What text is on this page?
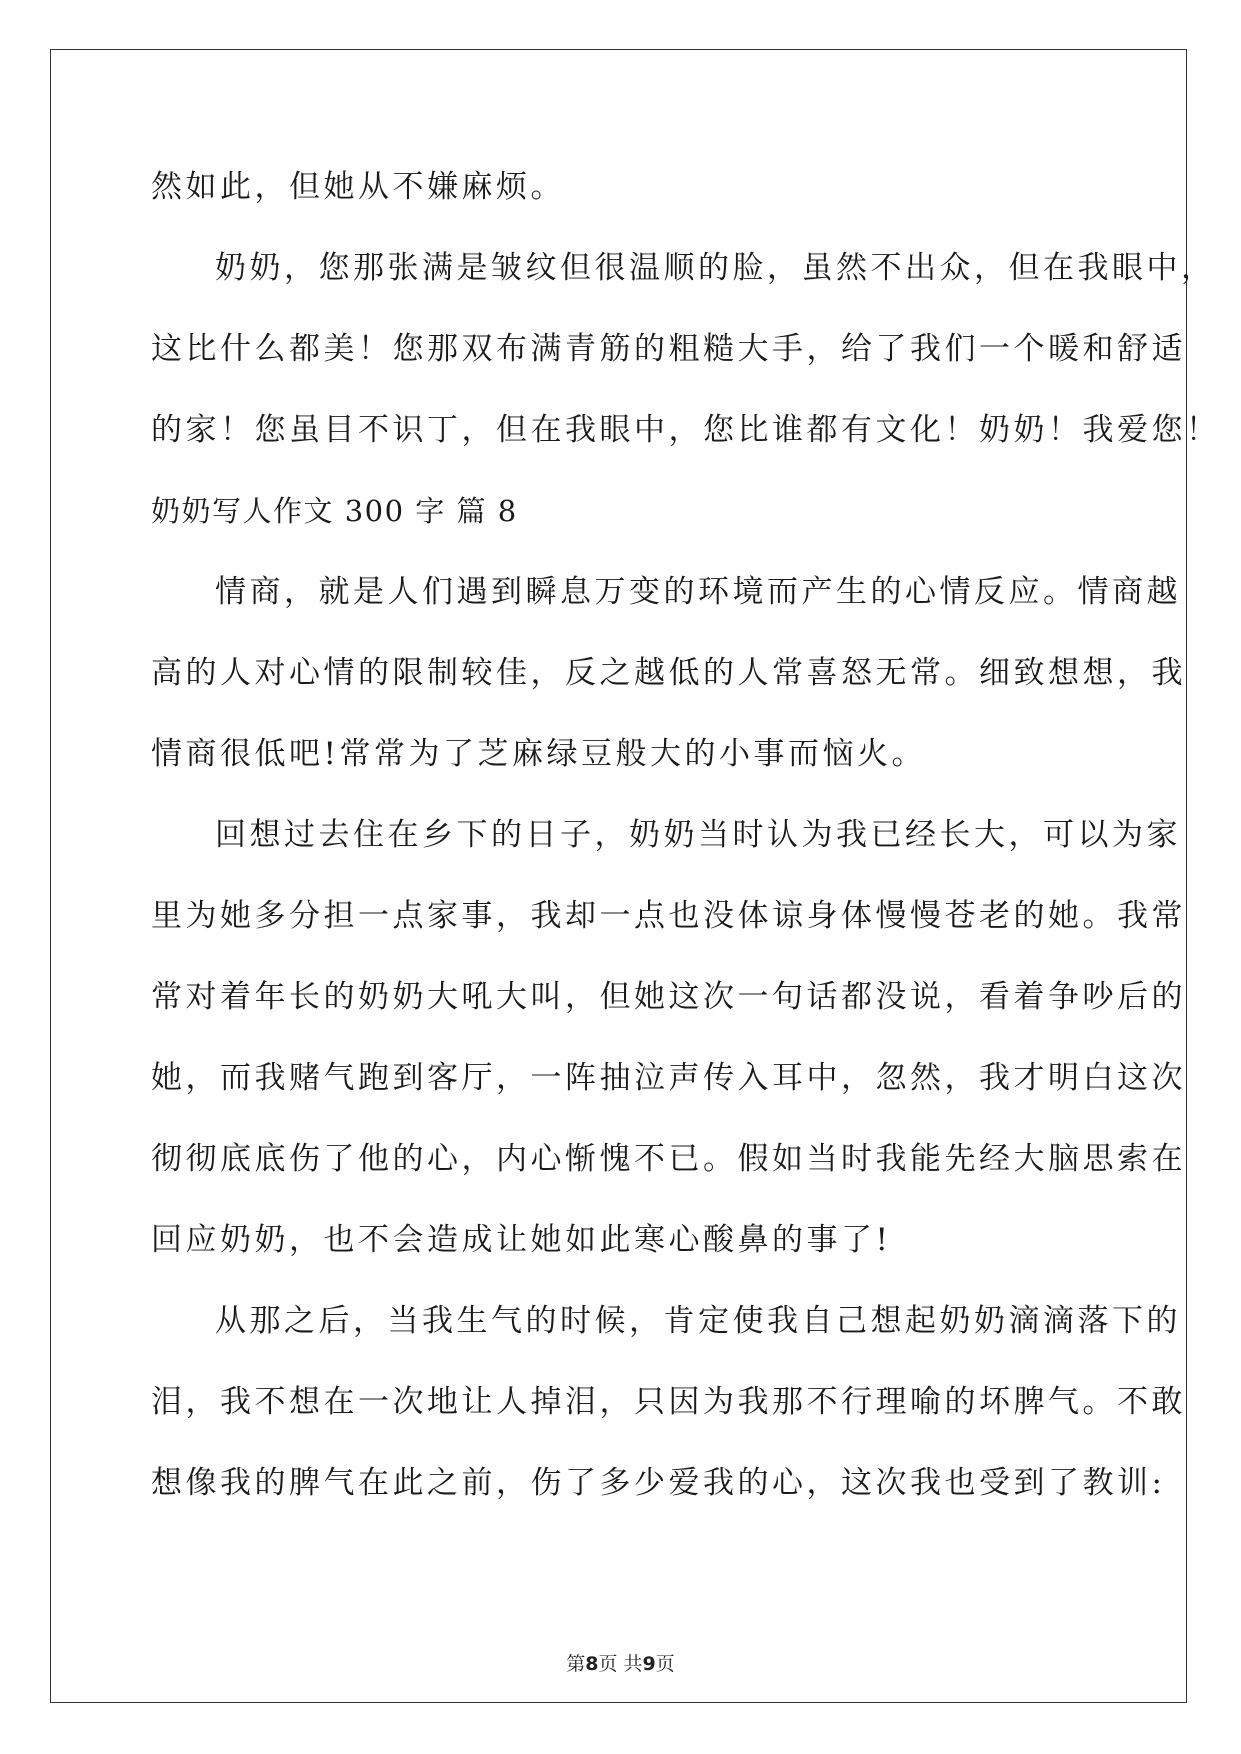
然如此，但她从不嫌麻烦。
奶奶，您那张满是皱纹但很温顺的脸，虽然不出众，但在我眼中，
这比什么都美！您那双布满青筋的粗糙大手，给了我们一个暖和舒适
的家！您虽目不识丁，但在我眼中，您比谁都有文化！奶奶！我爱您！
奶奶写人作文 300 字 篇 8
情商，就是人们遇到瞬息万变的环境而产生的心情反应。情商越
高的人对心情的限制较佳，反之越低的人常喜怒无常。细致想想，我
情商很低吧!常常为了芝麻绿豆般大的小事而恼火。
回想过去住在乡下的日子，奶奶当时认为我已经长大，可以为家
里为她多分担一点家事，我却一点也没体谅身体慢慢苍老的她。我常
常对着年长的奶奶大吼大叫，但她这次一句话都没说，看着争吵后的
她，而我赌气跑到客厅，一阵抽泣声传入耳中，忽然，我才明白这次
彻彻底底伤了他的心，内心惭愧不已。假如当时我能先经大脑思索在
回应奶奶，也不会造成让她如此寒心酸鼻的事了!
从那之后，当我生气的时候，肯定使我自己想起奶奶滴滴落下的
泪，我不想在一次地让人掉泪，只因为我那不行理喻的坏脾气。不敢
想像我的脾气在此之前，伤了多少爱我的心，这次我也受到了教训:
第8页 共9页
